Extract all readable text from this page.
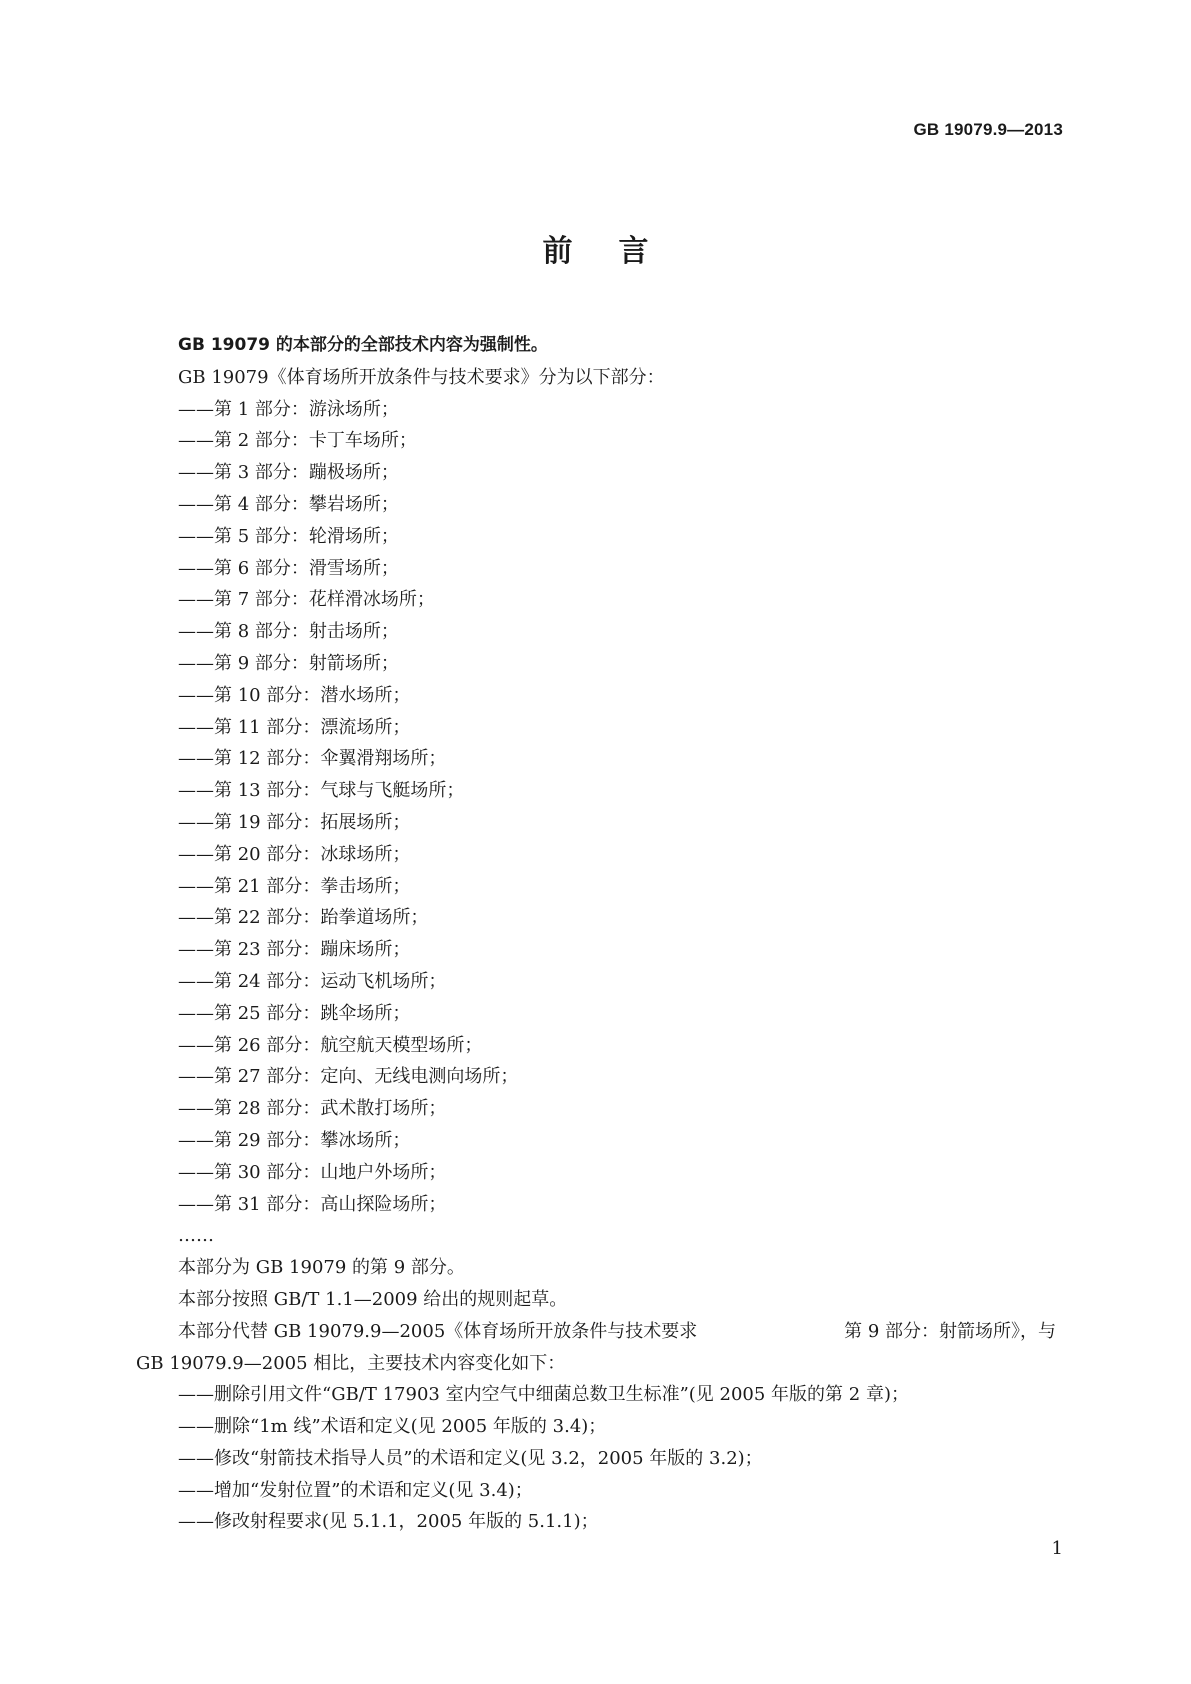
GB 19079.9—2013
前言
GB 19079 的本部分的全部技术内容为强制性。
GB 19079《体育场所开放条件与技术要求》分为以下部分：
——第 1 部分：游泳场所；
——第 2 部分：卡丁车场所；
——第 3 部分：蹦极场所；
——第 4 部分：攀岩场所；
——第 5 部分：轮滑场所；
——第 6 部分：滑雪场所；
——第 7 部分：花样滑冰场所；
——第 8 部分：射击场所；
——第 9 部分：射箭场所；
——第 10 部分：潜水场所；
——第 11 部分：漂流场所；
——第 12 部分：伞翼滑翔场所；
——第 13 部分：气球与飞艇场所；
——第 19 部分：拓展场所；
——第 20 部分：冰球场所；
——第 21 部分：拳击场所；
——第 22 部分：跆拳道场所；
——第 23 部分：蹦床场所；
——第 24 部分：运动飞机场所；
——第 25 部分：跳伞场所；
——第 26 部分：航空航天模型场所；
——第 27 部分：定向、无线电测向场所；
——第 28 部分：武术散打场所；
——第 29 部分：攀冰场所；
——第 30 部分：山地户外场所；
——第 31 部分：高山探险场所；
……
本部分为 GB 19079 的第 9 部分。
本部分按照 GB/T 1.1—2009 给出的规则起草。
本部分代替 GB 19079.9—2005《体育场所开放条件与技术要求	第 9 部分：射箭场所》，与
GB 19079.9—2005 相比，主要技术内容变化如下：
——删除引用文件“GB/T 17903 室内空气中细菌总数卫生标准”(见 2005 年版的第 2 章)；
——删除“1m 线”术语和定义(见 2005 年版的 3.4)；
——修改“射箭技术指导人员”的术语和定义(见 3.2，2005 年版的 3.2)；
——增加“发射位置”的术语和定义(见 3.4)；
——修改射程要求(见 5.1.1，2005 年版的 5.1.1)；
1
